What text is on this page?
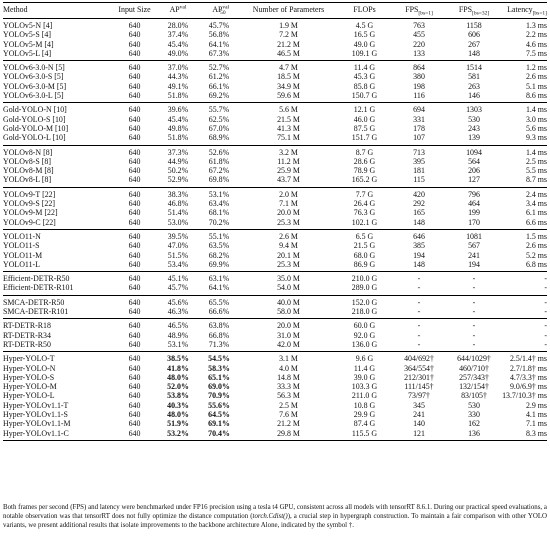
Method	Input Size	$AP^{val}$	$AP^{val}_{50}$	Number of Parameters	FLOPs	$FPS_{[bs=1]}$	$FPS_{[bs=32]}$	Latency$_{[bs=1]}$
YOLOv5-N [4]	640	28.0%	45.7%	1.9 M	4.5 G	763	1158	1.3 ms
YOLOv5-S [4]	640	37.4%	56.8%	7.2 M	16.5 G	455	606	2.2 ms
YOLOv5-M [4]	640	45.4%	64.1%	21.2 M	49.0 G	220	267	4.6 ms
YOLOv5-L [4]	640	49.0%	67.3%	46.5 M	109.1 G	133	148	7.5 ms
YOLOv6-3.0-N [5]	640	37.0%	52.7%	4.7 M	11.4 G	864	1514	1.2 ms
YOLOv6-3.0-S [5]	640	44.3%	61.2%	18.5 M	45.3 G	380	581	2.6 ms
YOLOv6-3.0-M [5]	640	49.1%	66.1%	34.9 M	85.8 G	198	263	5.1 ms
YOLOv6-3.0-L [5]	640	51.8%	69.2%	59.6 M	150.7 G	116	146	8.6 ms
Gold-YOLO-N [10]	640	39.6%	55.7%	5.6 M	12.1 G	694	1303	1.4 ms
Gold-YOLO-S [10]	640	45.4%	62.5%	21.5 M	46.0 G	331	530	3.0 ms
Gold-YOLO-M [10]	640	49.8%	67.0%	41.3 M	87.5 G	178	243	5.6 ms
Gold-YOLO-L [10]	640	51.8%	68.9%	75.1 M	151.7 G	107	139	9.3 ms
YOLOv8-N [8]	640	37.3%	52.6%	3.2 M	8.7 G	713	1094	1.4 ms
YOLOv8-S [8]	640	44.9%	61.8%	11.2 M	28.6 G	395	564	2.5 ms
YOLOv8-M [8]	640	50.2%	67.2%	25.9 M	78.9 G	181	206	5.5 ms
YOLOv8-L [8]	640	52.9%	69.8%	43.7 M	165.2 G	115	127	8.7 ms
YOLOv9-T [22]	640	38.3%	53.1%	2.0 M	7.7 G	420	796	2.4 ms
YOLOv9-S [22]	640	46.8%	63.4%	7.1 M	26.4 G	292	464	3.4 ms
YOLOv9-M [22]	640	51.4%	68.1%	20.0 M	76.3 G	165	199	6.1 ms
YOLOv9-C [22]	640	53.0%	70.2%	25.3 M	102.1 G	148	170	6.6 ms
YOLO11-N	640	39.5%	55.1%	2.6 M	6.5 G	646	1081	1.5 ms
YOLO11-S	640	47.0%	63.5%	9.4 M	21.5 G	385	567	2.6 ms
YOLO11-M	640	51.5%	68.2%	20.1 M	68.0 G	194	241	5.2 ms
YOLO11-L	640	53.4%	69.9%	25.3 M	86.9 G	148	194	6.8 ms
Efficient-DETR-R50	640	45.1%	63.1%	35.0 M	210.0 G	-	-	-
Efficient-DETR-R101	640	45.7%	64.1%	54.0 M	289.0 G	-	-	-
SMCA-DETR-R50	640	45.6%	65.5%	40.0 M	152.0 G	-	-	-
SMCA-DETR-R101	640	46.3%	66.6%	58.0 M	218.0 G	-	-	-
RT-DETR-R18	640	46.5%	63.8%	20.0 M	60.0 G	-	-	-
RT-DETR-R34	640	48.9%	66.8%	31.0 M	92.0 G	-	-	-
RT-DETR-R50	640	53.1%	71.3%	42.0 M	136.0 G	-	-	-
Hyper-YOLO-T	640	38.5%	54.5%	3.1 M	9.6 G	404/692†	644/1029†	2.5/1.4† ms
Hyper-YOLO-N	640	41.8%	58.3%	4.0 M	11.4 G	364/554†	460/710†	2.7/1.8† ms
Hyper-YOLO-S	640	48.0%	65.1%	14.8 M	39.0 G	212/301†	257/343†	4.7/3.3† ms
Hyper-YOLO-M	640	52.0%	69.0%	33.3 M	103.3 G	111/145†	132/154†	9.0/6.9† ms
Hyper-YOLO-L	640	53.8%	70.9%	56.3 M	211.0 G	73/97†	83/105†	13.7/10.3† ms
Hyper-YOLOv1.1-T	640	40.3%	55.6%	2.5 M	10.8 G	345	530	2.9 ms
Hyper-YOLOv1.1-S	640	48.0%	64.5%	7.6 M	29.9 G	241	330	4.1 ms
Hyper-YOLOv1.1-M	640	51.9%	69.1%	21.2 M	87.4 G	140	162	7.1 ms
Hyper-YOLOv1.1-C	640	53.2%	70.4%	29.8 M	115.5 G	121	136	8.3 ms
Both frames per second (FPS) and latency were benchmarked under FP16 precision using a tesla t4 GPU, consistent across all models with tensorRT 8.6.1. During our practical speed evaluations, a notable observation was that tensorRT does not fully optimize the distance computation (torch.Cdist()), a crucial step in hypergraph construction. To maintain a fair comparison with other YOLO variants, we present additional results that isolate improvements to the backbone architecture Alone, indicated by the symbol †.
